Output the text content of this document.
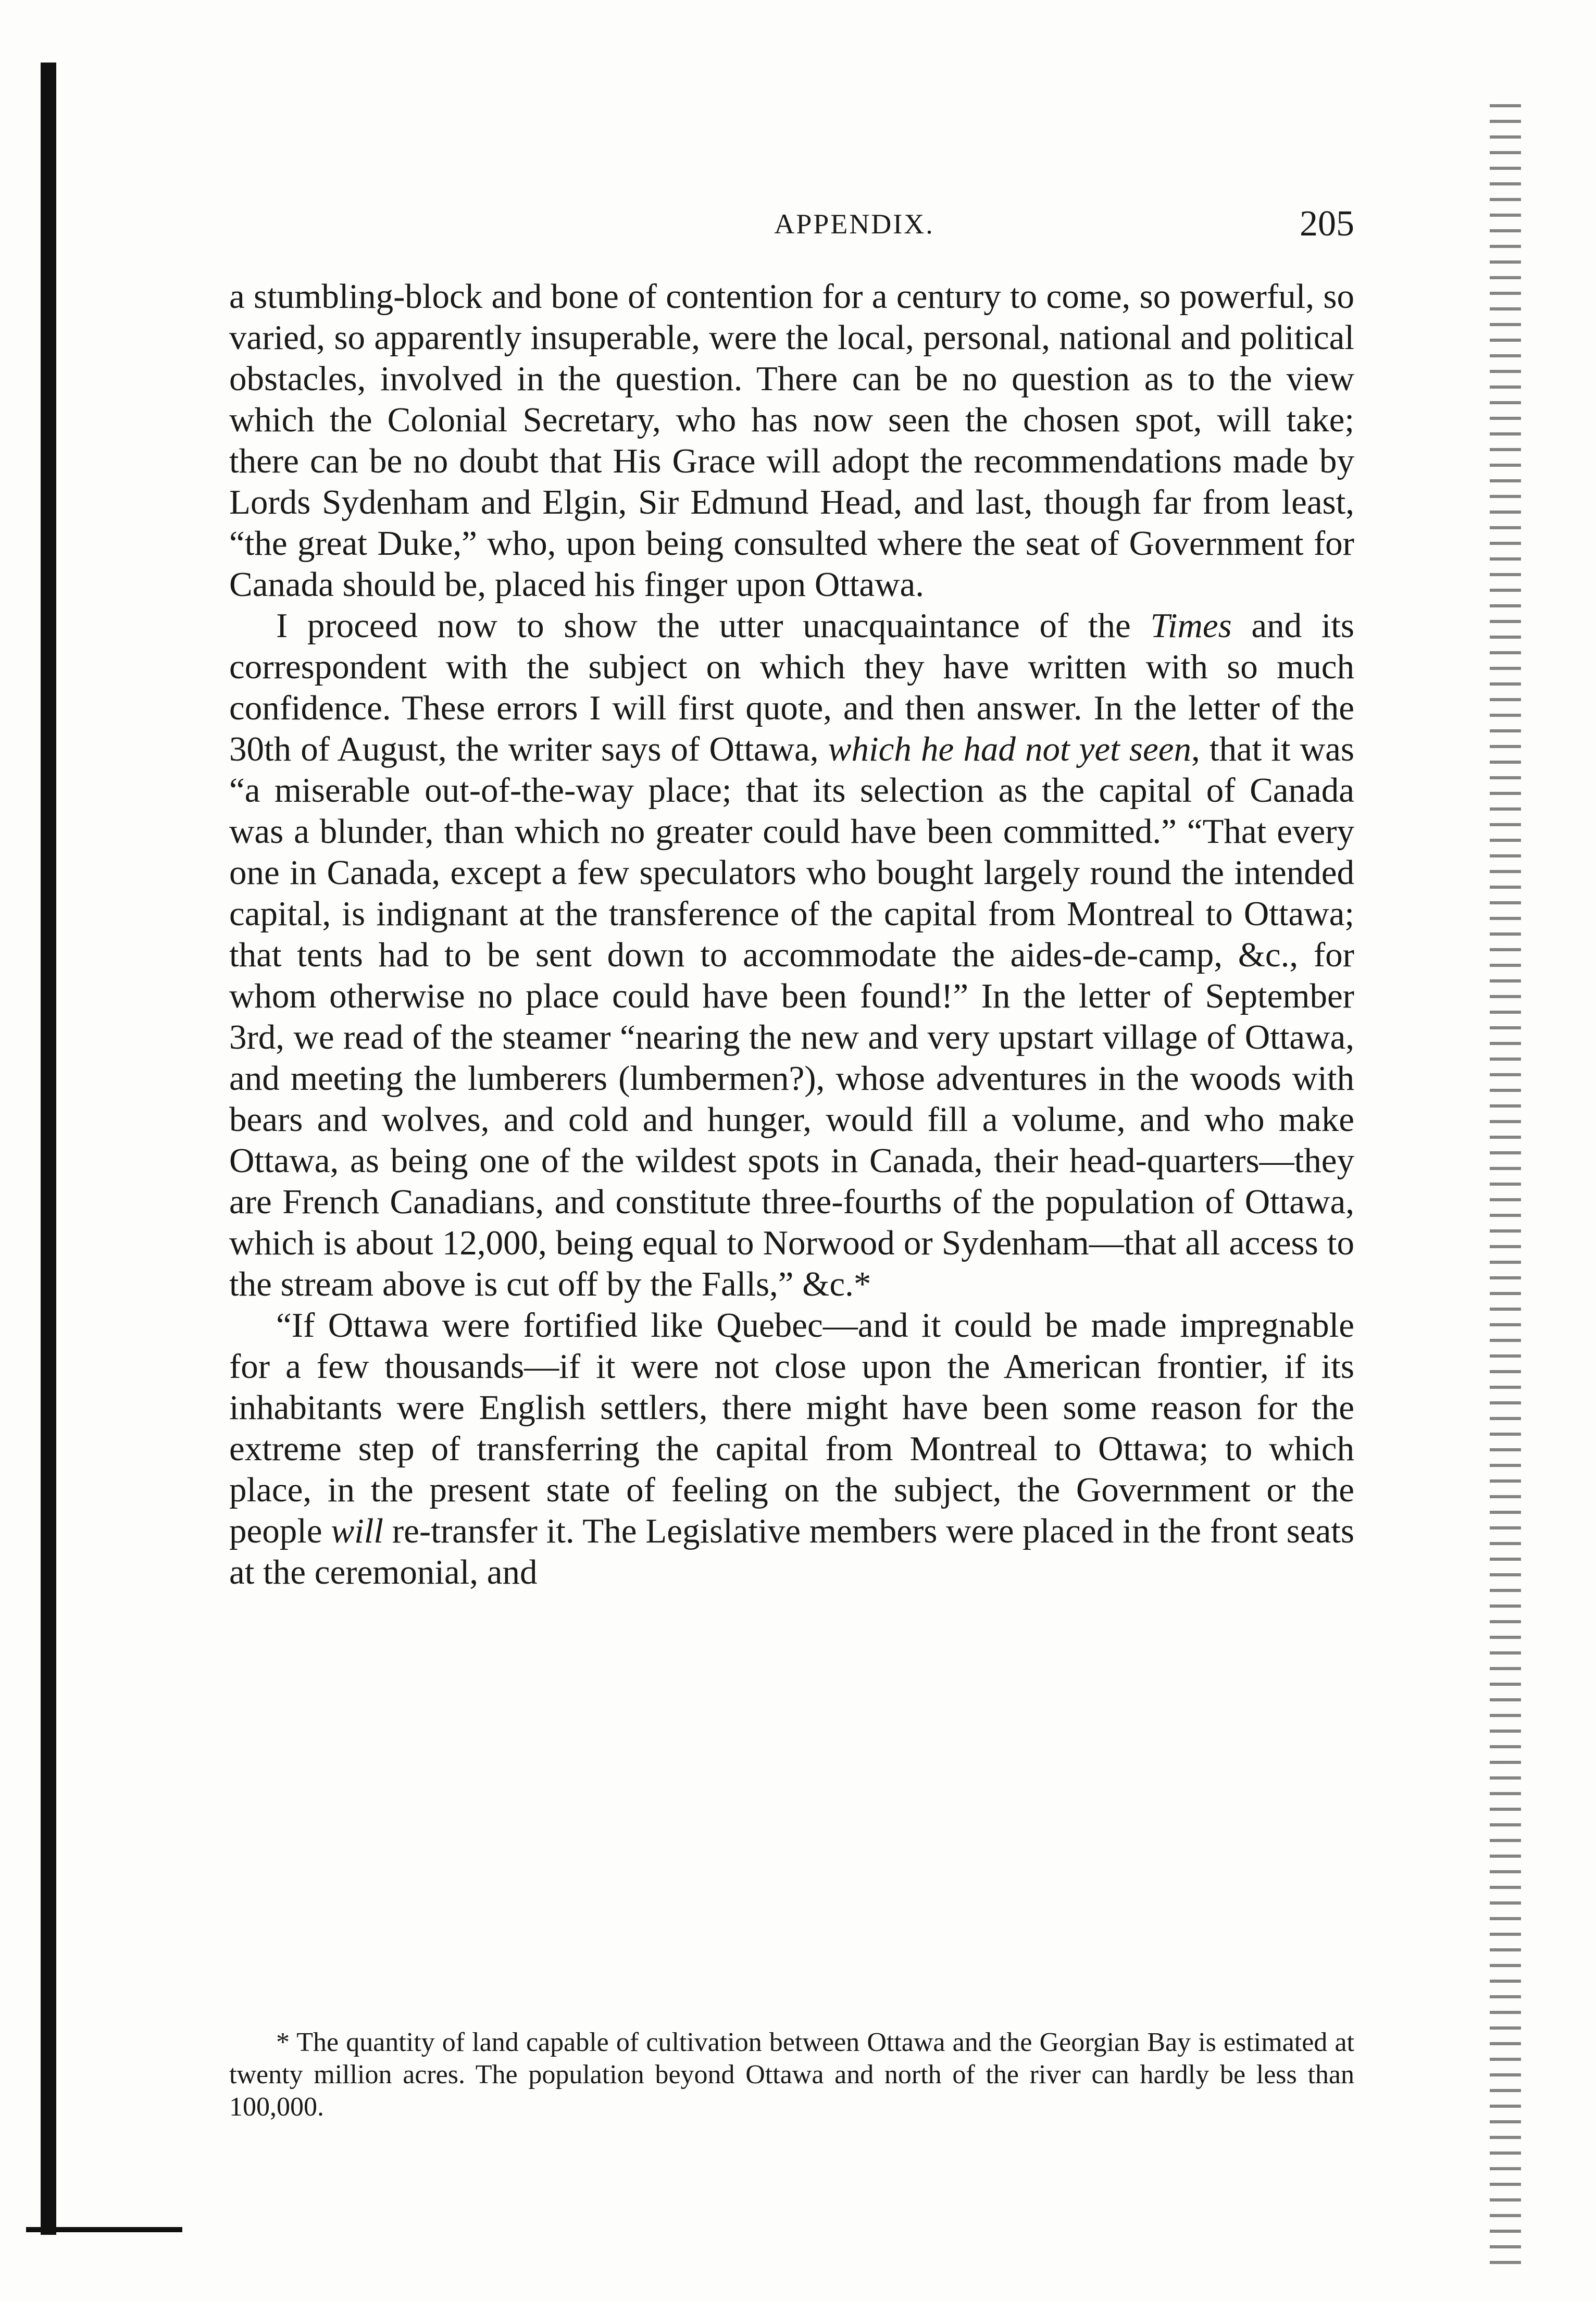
APPENDIX.	205

a stumbling-block and bone of contention for a century to come, so powerful, so varied, so apparently insuperable, were the local, personal, national and political obstacles, involved in the question. There can be no question as to the view which the Colonial Secretary, who has now seen the chosen spot, will take; there can be no doubt that His Grace will adopt the recommendations made by Lords Sydenham and Elgin, Sir Edmund Head, and last, though far from least, “the great Duke,” who, upon being consulted where the seat of Government for Canada should be, placed his finger upon Ottawa.

I proceed now to show the utter unacquaintance of the Times and its correspondent with the subject on which they have written with so much confidence. These errors I will first quote, and then answer. In the letter of the 30th of August, the writer says of Ottawa, which he had not yet seen, that it was “a miserable out-of-the-way place; that its selection as the capital of Canada was a blunder, than which no greater could have been committed.” “That every one in Canada, except a few speculators who bought largely round the intended capital, is indignant at the transference of the capital from Montreal to Ottawa; that tents had to be sent down to accommodate the aides-de-camp, &c., for whom otherwise no place could have been found!” In the letter of September 3rd, we read of the steamer “nearing the new and very upstart village of Ottawa, and meeting the lumberers (lumbermen?), whose adventures in the woods with bears and wolves, and cold and hunger, would fill a volume, and who make Ottawa, as being one of the wildest spots in Canada, their head-quarters—they are French Canadians, and constitute three-fourths of the population of Ottawa, which is about 12,000, being equal to Norwood or Sydenham—that all access to the stream above is cut off by the Falls,” &c.*

“If Ottawa were fortified like Quebec—and it could be made impregnable for a few thousands—if it were not close upon the American frontier, if its inhabitants were English settlers, there might have been some reason for the extreme step of transferring the capital from Montreal to Ottawa; to which place, in the present state of feeling on the subject, the Government or the people will re-transfer it. The Legislative members were placed in the front seats at the ceremonial, and

* The quantity of land capable of cultivation between Ottawa and the Georgian Bay is estimated at twenty million acres. The population beyond Ottawa and north of the river can hardly be less than 100,000.
